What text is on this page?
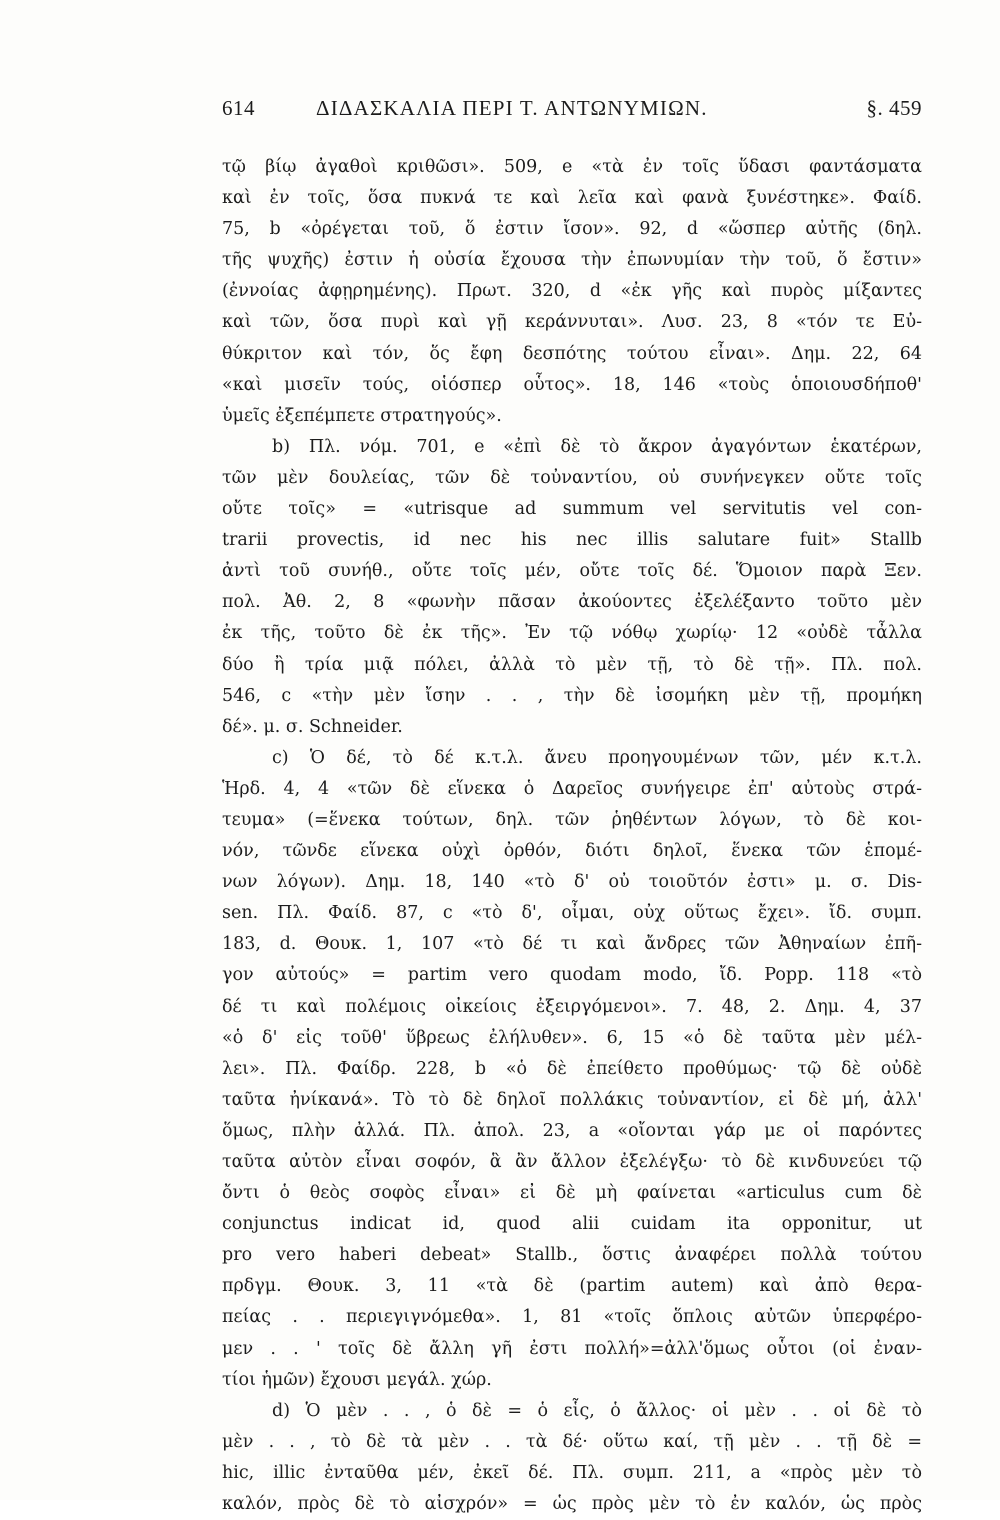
614	ΔΙΔΑΣΚΑΛΙΑ ΠΕΡΙ Τ. ΑΝΤΩΝΥΜΙΩΝ.	§. 459
τῷ βίῳ ἀγαθοὶ κριθῶσι». 509, e «τὰ ἐν τοῖς ὕδασι φαντάσματα
καὶ ἐν τοῖς, ὅσα πυκνά τε καὶ λεῖα καὶ φανὰ ξυνέστηκε». Φαίδ.
75, b «ὀρέγεται τοῦ, ὅ ἐστιν ἴσον». 92, d «ὥσπερ αὐτῆς (δηλ.
τῆς ψυχῆς) ἐστιν ἡ οὐσία ἔχουσα τὴν ἐπωνυμίαν τὴν τοῦ, ὅ ἔστιν»
(ἐννοίας ἀφῃρημένης). Πρωτ. 320, d «ἐκ γῆς καὶ πυρὸς μίξαντες
καὶ τῶν, ὅσα πυρὶ καὶ γῇ κεράννυται». Λυσ. 23, 8 «τόν τε Εὐ-
θύκριτον καὶ τόν, ὅς ἔφη δεσπότης τούτου εἶναι». Δημ. 22, 64
«καὶ μισεῖν τούς, οἱόσπερ οὗτος». 18, 146 «τοὺς ὁποιουσδήποθ'
ὑμεῖς ἐξεπέμπετε στρατηγούς».
b) Πλ. νόμ. 701, e «ἐπὶ δὲ τὸ ἄκρον ἀγαγόντων ἑκατέρων,
τῶν μὲν δουλείας, τῶν δὲ τοὐναντίου, οὐ συνήνεγκεν οὔτε τοῖς
οὔτε τοῖς» = «utrisque ad summum vel servitutis vel con-
trarii provectis, id nec his nec illis salutare fuit» Stallb
ἀντὶ τοῦ συνήθ., οὔτε τοῖς μέν, οὔτε τοῖς δέ. Ὅμοιον παρὰ Ξεν.
πολ. Ἀθ. 2, 8 «φωνὴν πᾶσαν ἀκούοντες ἐξελέξαντο τοῦτο μὲν
ἐκ τῆς, τοῦτο δὲ ἐκ τῆς». Ἐν τῷ νόθῳ χωρίῳ· 12 «οὐδὲ τἆλλα
δύο ἢ τρία μιᾷ πόλει, ἀλλὰ τὸ μὲν τῇ, τὸ δὲ τῇ». Πλ. πολ.
546, c «τὴν μὲν ἴσην . . , τὴν δὲ ἰσομήκη μὲν τῇ, προμήκη
δέ». μ. σ. Schneider.
c) Ὁ δέ, τὸ δέ κ.τ.λ. ἄνευ προηγουμένων τῶν, μέν κ.τ.λ.
Ἡρδ. 4, 4 «τῶν δὲ εἵνεκα ὁ Δαρεῖος συνήγειρε ἐπ' αὐτοὺς στρά-
τευμα» (=ἕνεκα τούτων, δηλ. τῶν ῥηθέντων λόγων, τὸ δὲ κοι-
νόν, τῶνδε εἵνεκα οὐχὶ ὀρθόν, διότι δηλοῖ, ἕνεκα τῶν ἑπομέ-
νων λόγων). Δημ. 18, 140 «τὸ δ' οὐ τοιοῦτόν ἐστι» μ. σ. Dis-
sen. Πλ. Φαίδ. 87, c «τὸ δ', οἶμαι, οὐχ οὕτως ἔχει». ἴδ. συμπ.
183, d. Θουκ. 1, 107 «τὸ δέ τι καὶ ἄνδρες τῶν Ἀθηναίων ἐπῆ-
γον αὐτούς» = partim vero quodam modo, ἴδ. Popp. 118 «τὸ
δέ τι καὶ πολέμοις οἰκείοις ἐξειργόμενοι». 7. 48, 2. Δημ. 4, 37
«ὁ δ' εἰς τοῦθ' ὕβρεως ἐλήλυθεν». 6, 15 «ὁ δὲ ταῦτα μὲν μέλ-
λει». Πλ. Φαίδρ. 228, b «ὁ δὲ ἐπείθετο προθύμως· τῷ δὲ οὐδὲ
ταῦτα ἠνίκανά». Τὸ τὸ δὲ δηλοῖ πολλάκις τοὐναντίον, εἰ δὲ μή, ἀλλ'
ὅμως, πλὴν ἀλλά. Πλ. ἀπολ. 23, a «οἴονται γάρ με οἱ παρόντες
ταῦτα αὐτὸν εἶναι σοφόν, ἃ ἂν ἄλλον ἐξελέγξω· τὸ δὲ κινδυνεύει τῷ
ὄντι ὁ θεὸς σοφὸς εἶναι» εἰ δὲ μὴ φαίνεται «articulus cum δὲ
conjunctus indicat id, quod alii cuidam ita opponitur, ut
pro vero haberi debeat» Stallb., ὅστις ἀναφέρει πολλὰ τούτου
πρδγμ. Θουκ. 3, 11 «τὰ δὲ (partim autem) καὶ ἀπὸ θερα-
πείας . . περιεγιγνόμεθα». 1, 81 «τοῖς ὅπλοις αὐτῶν ὑπερφέρο-
μεν . . ' τοῖς δὲ ἄλλη γῆ ἐστι πολλή»=ἀλλ'ὅμως οὗτοι (οἱ ἐναν-
τίοι ἡμῶν) ἔχουσι μεγάλ. χώρ.
d) Ὁ μὲν . . , ὁ δὲ = ὁ εἷς, ὁ ἄλλος· οἱ μὲν . . οἱ δὲ τὸ
μὲν . . , τὸ δὲ τὰ μὲν . . τὰ δέ· οὕτω καί, τῇ μὲν . . τῇ δὲ =
hic, illic ἐνταῦθα μέν, ἐκεῖ δέ. Πλ. συμπ. 211, a «πρὸς μὲν τὸ
καλόν, πρὸς δὲ τὸ αἰσχρόν» = ὡς πρὸς μὲν τὸ ἐν καλόν, ὡς πρὸς
